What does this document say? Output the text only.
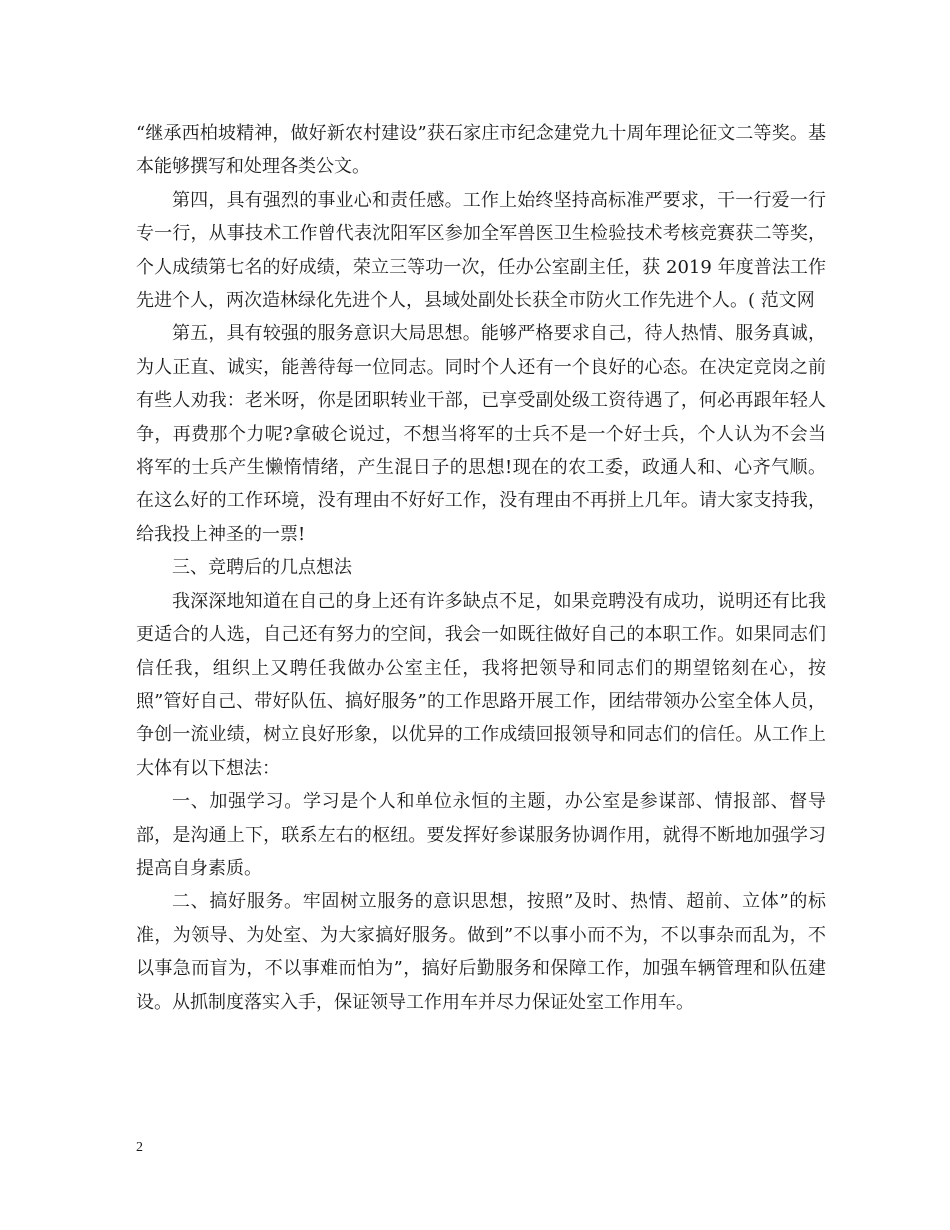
“继承西柏坡精神，做好新农村建设”获石家庄市纪念建党九十周年理论征文二等奖。基本能够撰写和处理各类公文。

第四，具有强烈的事业心和责任感。工作上始终坚持高标准严要求，干一行爱一行专一行，从事技术工作曾代表沈阳军区参加全军兽医卫生检验技术考核竞赛获二等奖，个人成绩第七名的好成绩，荣立三等功一次，任办公室副主任，获 2019 年度普法工作先进个人，两次造林绿化先进个人，县域处副处长获全市防火工作先进个人。( 范文网

第五，具有较强的服务意识大局思想。能够严格要求自己，待人热情、服务真诚，为人正直、诚实，能善待每一位同志。同时个人还有一个良好的心态。在决定竞岗之前有些人劝我：老米呀，你是团职转业干部，已享受副处级工资待遇了，何必再跟年轻人争，再费那个力呢?拿破仑说过，不想当将军的士兵不是一个好士兵，个人认为不会当将军的士兵产生懒惰情绪，产生混日子的思想!现在的农工委，政通人和、心齐气顺。在这么好的工作环境，没有理由不好好工作，没有理由不再拼上几年。请大家支持我，给我投上神圣的一票!

三、竞聘后的几点想法

我深深地知道在自己的身上还有许多缺点不足，如果竞聘没有成功，说明还有比我更适合的人选，自己还有努力的空间，我会一如既往做好自己的本职工作。如果同志们信任我，组织上又聘任我做办公室主任，我将把领导和同志们的期望铭刻在心，按照”管好自己、带好队伍、搞好服务”的工作思路开展工作，团结带领办公室全体人员，争创一流业绩，树立良好形象，以优异的工作成绩回报领导和同志们的信任。从工作上大体有以下想法：

一、加强学习。学习是个人和单位永恒的主题，办公室是参谋部、情报部、督导部，是沟通上下，联系左右的枢纽。要发挥好参谋服务协调作用，就得不断地加强学习提高自身素质。

二、搞好服务。牢固树立服务的意识思想，按照”及时、热情、超前、立体”的标准，为领导、为处室、为大家搞好服务。做到”不以事小而不为，不以事杂而乱为，不以事急而盲为，不以事难而怕为”，搞好后勤服务和保障工作，加强车辆管理和队伍建设。从抓制度落实入手，保证领导工作用车并尽力保证处室工作用车。

2
